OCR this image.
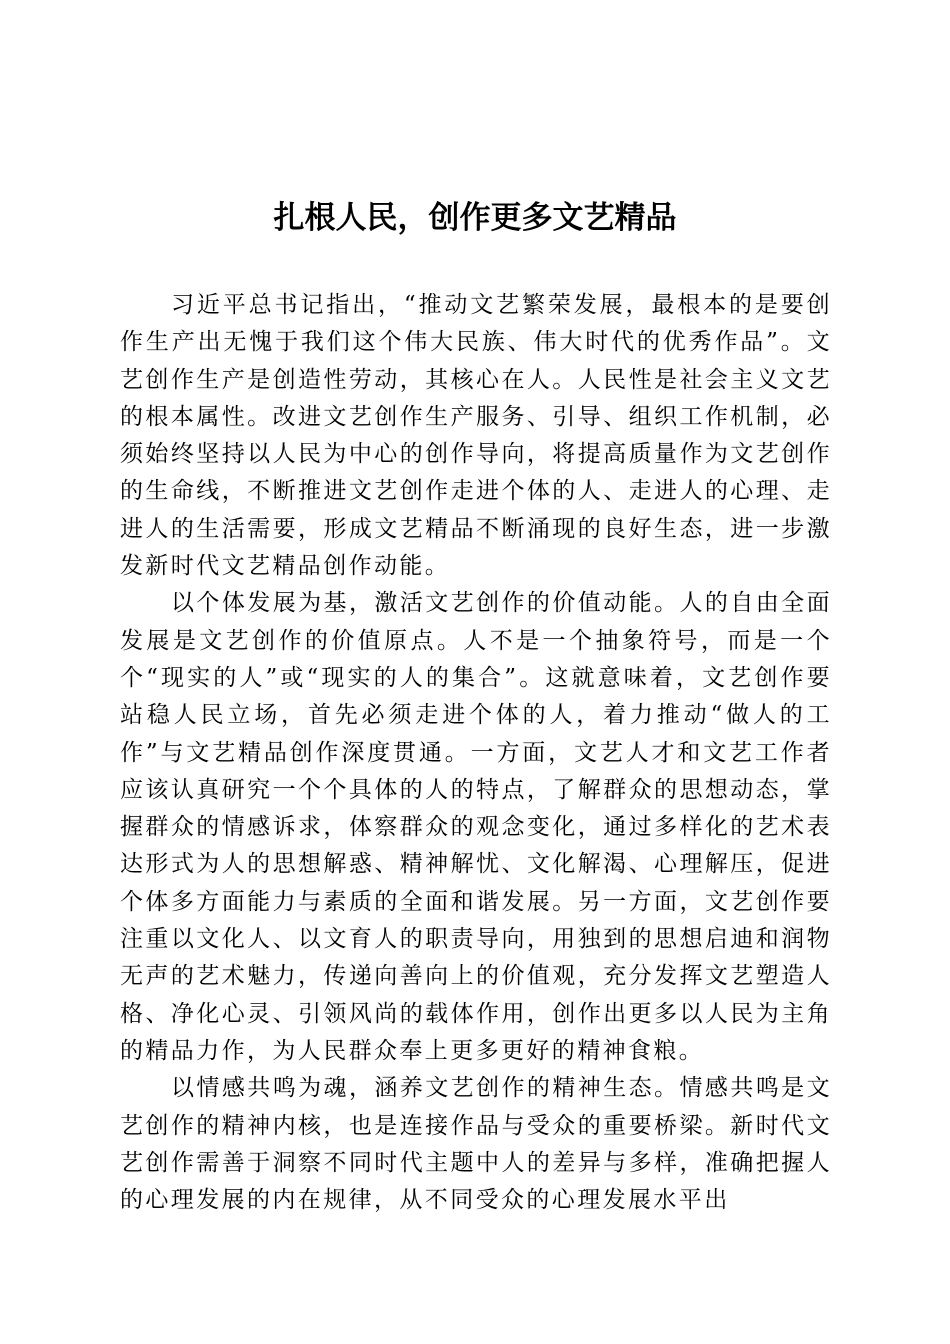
扎根人民，创作更多文艺精品

习近平总书记指出，“推动文艺繁荣发展，最根本的是要创作生产出无愧于我们这个伟大民族、伟大时代的优秀作品”。文艺创作生产是创造性劳动，其核心在人。人民性是社会主义文艺的根本属性。改进文艺创作生产服务、引导、组织工作机制，必须始终坚持以人民为中心的创作导向，将提高质量作为文艺创作的生命线，不断推进文艺创作走进个体的人、走进人的心理、走进人的生活需要，形成文艺精品不断涌现的良好生态，进一步激发新时代文艺精品创作动能。

以个体发展为基，激活文艺创作的价值动能。人的自由全面发展是文艺创作的价值原点。人不是一个抽象符号，而是一个个“现实的人”或“现实的人的集合”。这就意味着，文艺创作要站稳人民立场，首先必须走进个体的人，着力推动“做人的工作”与文艺精品创作深度贯通。一方面，文艺人才和文艺工作者应该认真研究一个个具体的人的特点，了解群众的思想动态，掌握群众的情感诉求，体察群众的观念变化，通过多样化的艺术表达形式为人的思想解惑、精神解忧、文化解渴、心理解压，促进个体多方面能力与素质的全面和谐发展。另一方面，文艺创作要注重以文化人、以文育人的职责导向，用独到的思想启迪和润物无声的艺术魅力，传递向善向上的价值观，充分发挥文艺塑造人格、净化心灵、引领风尚的载体作用，创作出更多以人民为主角的精品力作，为人民群众奉上更多更好的精神食粮。

以情感共鸣为魂，涵养文艺创作的精神生态。情感共鸣是文艺创作的精神内核，也是连接作品与受众的重要桥梁。新时代文艺创作需善于洞察不同时代主题中人的差异与多样，准确把握人的心理发展的内在规律，从不同受众的心理发展水平出
